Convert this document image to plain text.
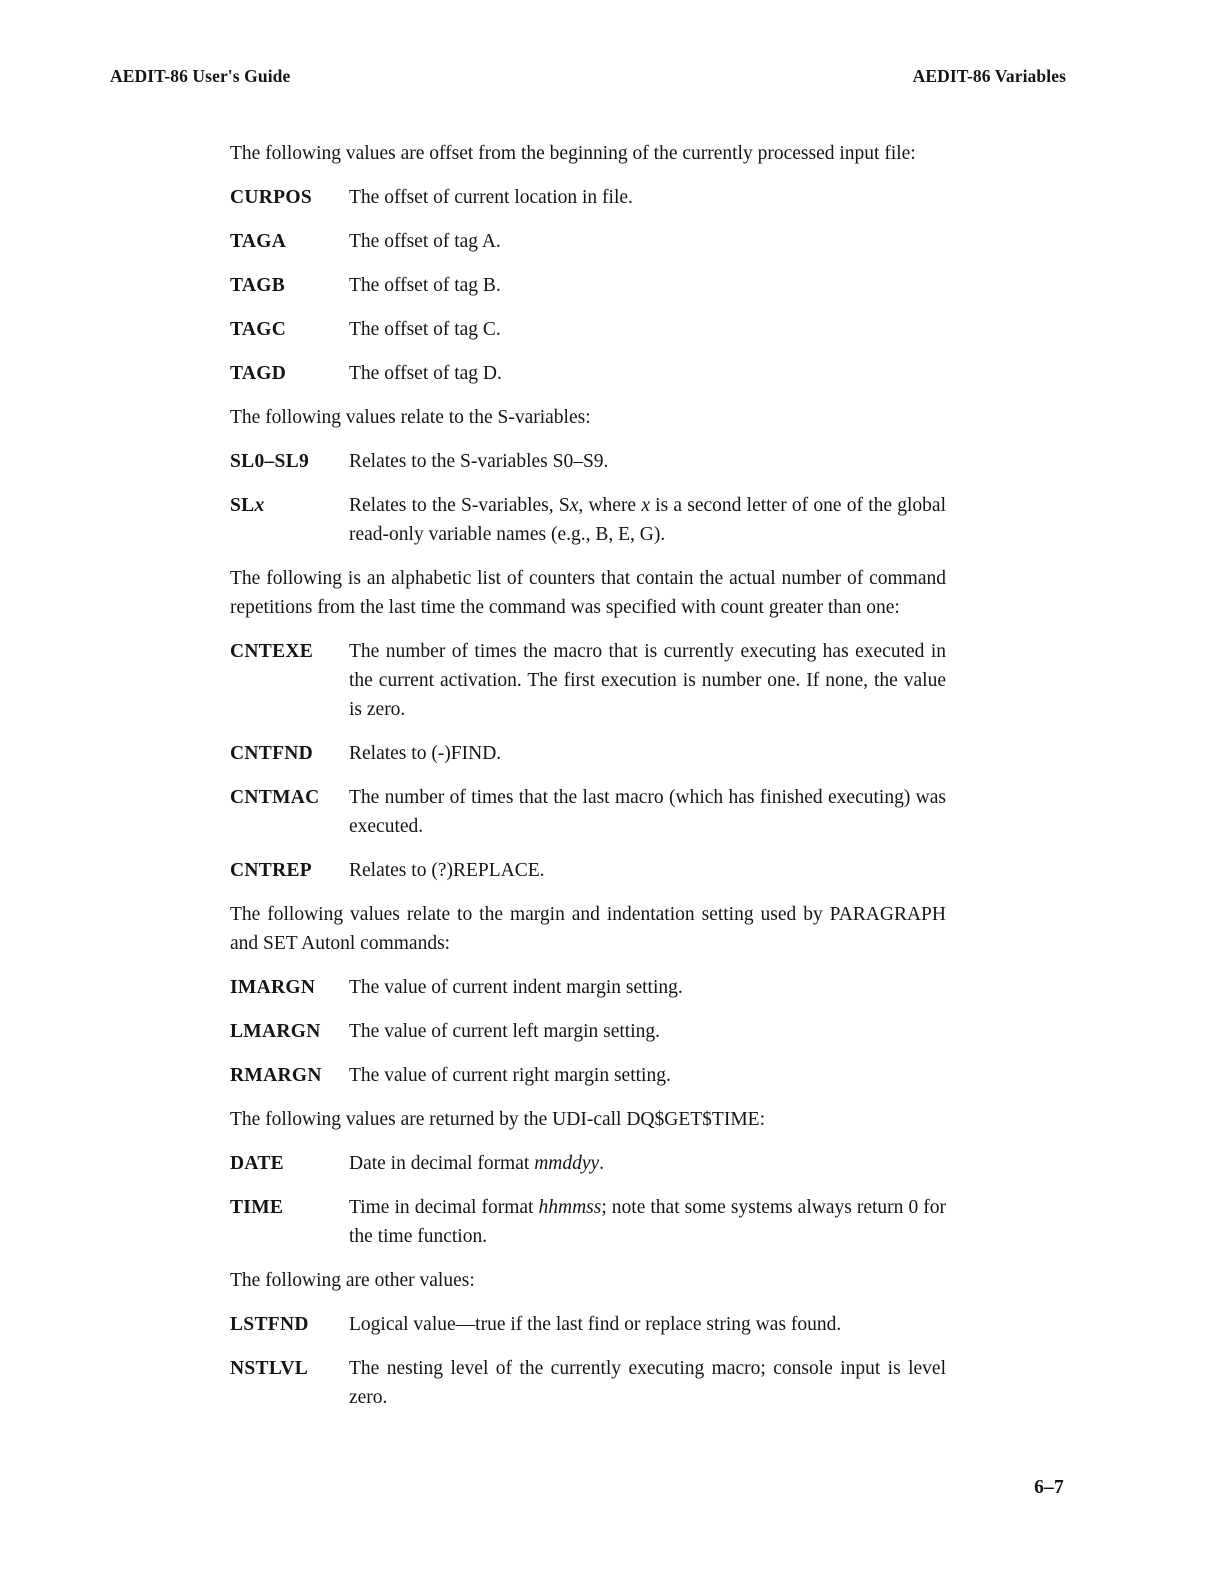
AEDIT-86 User's Guide	AEDIT-86 Variables

The following values are offset from the beginning of the currently processed input file:

CURPOS	The offset of current location in file.
TAGA	The offset of tag A.
TAGB	The offset of tag B.
TAGC	The offset of tag C.
TAGD	The offset of tag D.

The following values relate to the S-variables:

SL0–SL9	Relates to the S-variables S0–S9.
SLx	Relates to the S-variables, Sx, where x is a second letter of one of the global read-only variable names (e.g., B, E, G).

The following is an alphabetic list of counters that contain the actual number of command repetitions from the last time the command was specified with count greater than one:

CNTEXE	The number of times the macro that is currently executing has executed in the current activation. The first execution is number one. If none, the value is zero.
CNTFND	Relates to (-)FIND.
CNTMAC	The number of times that the last macro (which has finished executing) was executed.
CNTREP	Relates to (?)REPLACE.

The following values relate to the margin and indentation setting used by PARAGRAPH and SET Autonl commands:

IMARGN	The value of current indent margin setting.
LMARGN	The value of current left margin setting.
RMARGN	The value of current right margin setting.

The following values are returned by the UDI-call DQ$GET$TIME:

DATE	Date in decimal format mmddyy.
TIME	Time in decimal format hhmmss; note that some systems always return 0 for the time function.

The following are other values:

LSTFND	Logical value—true if the last find or replace string was found.
NSTLVL	The nesting level of the currently executing macro; console input is level zero.
6–7
